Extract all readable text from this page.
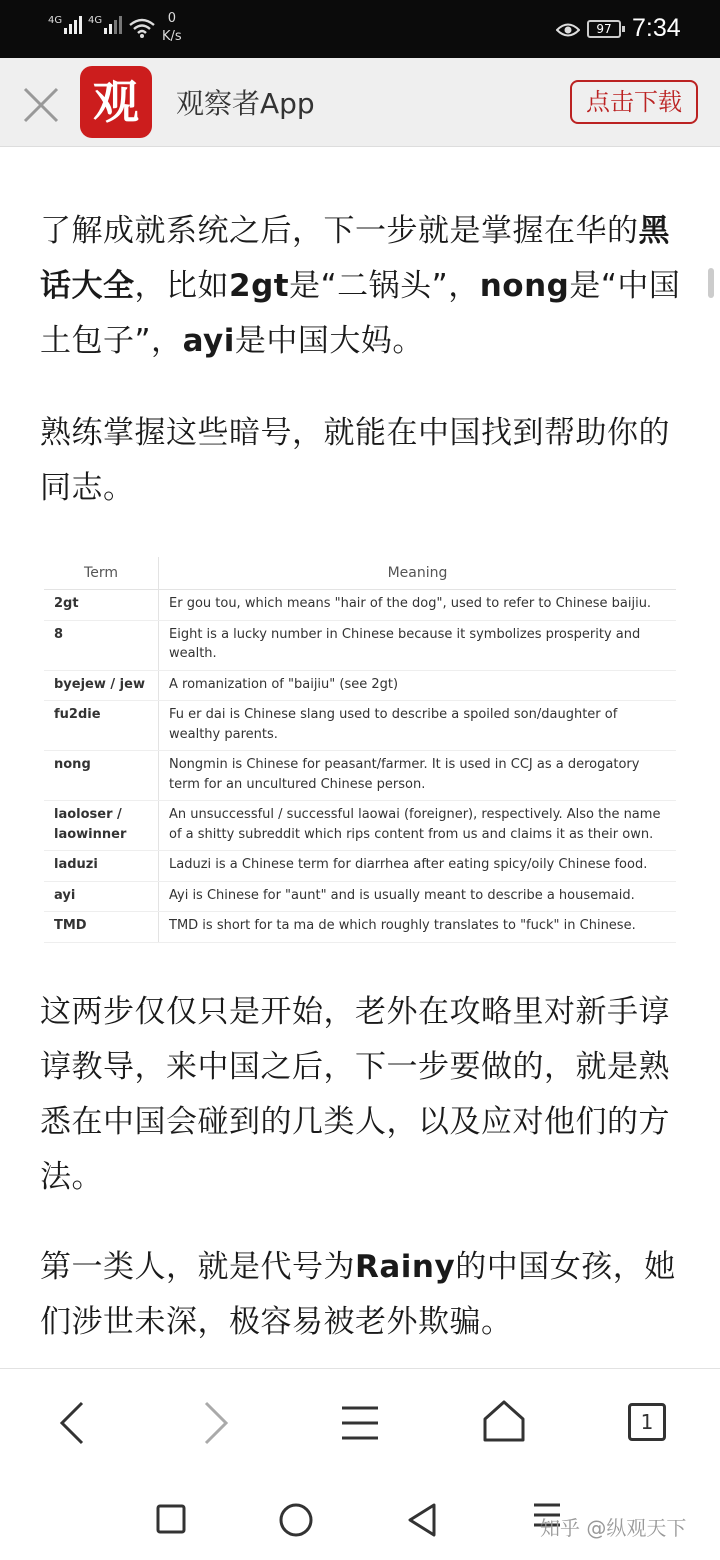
4G	4G	0
K/s	97 7:34
观	观察者App	点击下载

了解成就系统之后，下一步就是掌握在华的黑话大全，比如2gt是“二锅头”，nong是“中国土包子”，ayi是中国大妈。

熟练掌握这些暗号，就能在中国找到帮助你的同志。

Term	Meaning
2gt	Er gou tou, which means "hair of the dog", used to refer to Chinese baijiu.
8	Eight is a lucky number in Chinese because it symbolizes prosperity and wealth.
byejew / jew	A romanization of "baijiu" (see 2gt)
fu2die	Fu er dai is Chinese slang used to describe a spoiled son/daughter of wealthy parents.
nong	Nongmin is Chinese for peasant/farmer. It is used in CCJ as a derogatory term for an uncultured Chinese person.
laoloser / laowinner	An unsuccessful / successful laowai (foreigner), respectively. Also the name of a shitty subreddit which rips content from us and claims it as their own.
laduzi	Laduzi is a Chinese term for diarrhea after eating spicy/oily Chinese food.
ayi	Ayi is Chinese for "aunt" and is usually meant to describe a housemaid.
TMD	TMD is short for ta ma de which roughly translates to "fuck" in Chinese.

这两步仅仅只是开始，老外在攻略里对新手谆谆教导，来中国之后，下一步要做的，就是熟悉在中国会碰到的几类人，以及应对他们的方法。

第一类人，就是代号为Rainy的中国女孩，她们涉世未深，极容易被老外欺骗。

1
知乎 @纵观天下
